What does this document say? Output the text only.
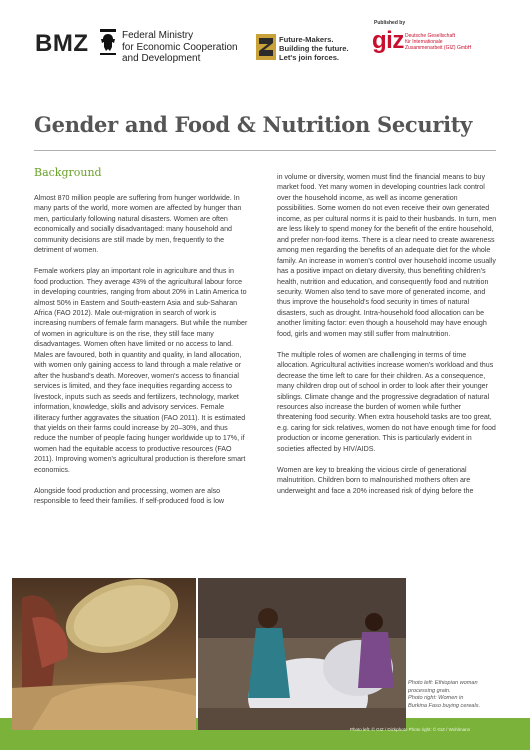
BMZ	Federal Ministry
for Economic Cooperation
and Development
Future-Makers.
Building the future.
Let's join forces.
Published by
giz Deutsche Gesellschaft
für Internationale
Zusammenarbeit (GIZ) GmbH
Gender and Food & Nutrition Security
Background

Almost 870 million people are suffering from hunger worldwide. In many parts of the world, more women are affected by hunger than men, particularly following natural disasters. Women are often economically and socially disadvantaged: many household and community decisions are still made by men, frequently to the detriment of women.

Female workers play an important role in agriculture and thus in food production. They average 43% of the agricultural labour force in developing countries, ranging from about 20% in Latin America to almost 50% in Eastern and South-eastern Asia and sub-Saharan Africa (FAO 2012). Male out-migration in search of work is increasing numbers of female farm managers. But while the number of women in agriculture is on the rise, they still face many disadvantages. Women often have limited or no access to land. Males are favoured, both in quantity and quality, in land allocation, with women only gaining access to land through a male relative or after the husband's death. Moreover, women's access to financial services is limited, and they face inequities regarding access to livestock, inputs such as seeds and fertilizers, technology, market information, knowledge, skills and advisory services. Female illiteracy further aggravates the situation (FAO 2011). It is estimated that yields on their farms could increase by 20–30%, and thus reduce the number of people facing hunger worldwide up to 17%, if women had the equitable access to productive resources (FAO 2011). Improving women's agricultural production is therefore smart economics.

Alongside food production and processing, women are also responsible to feed their families. If self-produced food is low

in volume or diversity, women must find the financial means to buy market food. Yet many women in developing countries lack control over the household income, as well as income generation possibilities. Some women do not even receive their own generated income, as per cultural norms it is paid to their husbands. In turn, men are less likely to spend money for the benefit of the entire household, and prefer non-food items. There is a clear need to create awareness among men regarding the benefits of an adequate diet for the whole family. An increase in women's control over household income usually has a positive impact on dietary diversity, thus benefiting children's health, nutrition and education, and consequently food and nutrition security. Women also tend to save more of generated income, and thus improve the household's food security in times of natural disasters, such as drought. Intra-household food allocation can be another limiting factor: even though a household may have enough food, girls and women may still suffer from malnutrition.

The multiple roles of women are challenging in terms of time allocation. Agricultural activities increase women's workload and thus decrease the time left to care for their children. As a consequence, many children drop out of school in order to look after their younger siblings. Climate change and the progressive degradation of natural resources also increase the burden of women while further threatening food security. When extra household tasks are too great, e.g. caring for sick relatives, women do not have enough time for food production or income generation. This is particularly evident in societies affected by HIV/AIDS.

Women are key to breaking the vicious circle of generational malnutrition. Children born to malnourished mothers often are underweight and face a 20% increased risk of dying before the

Photo left: Ethiopian woman
processing grain.
Photo right: Women in
Burkina Faso buying cereals.
Photo left: © GIZ / Dizkphoto Photo right: © GIZ / Wohlmann
